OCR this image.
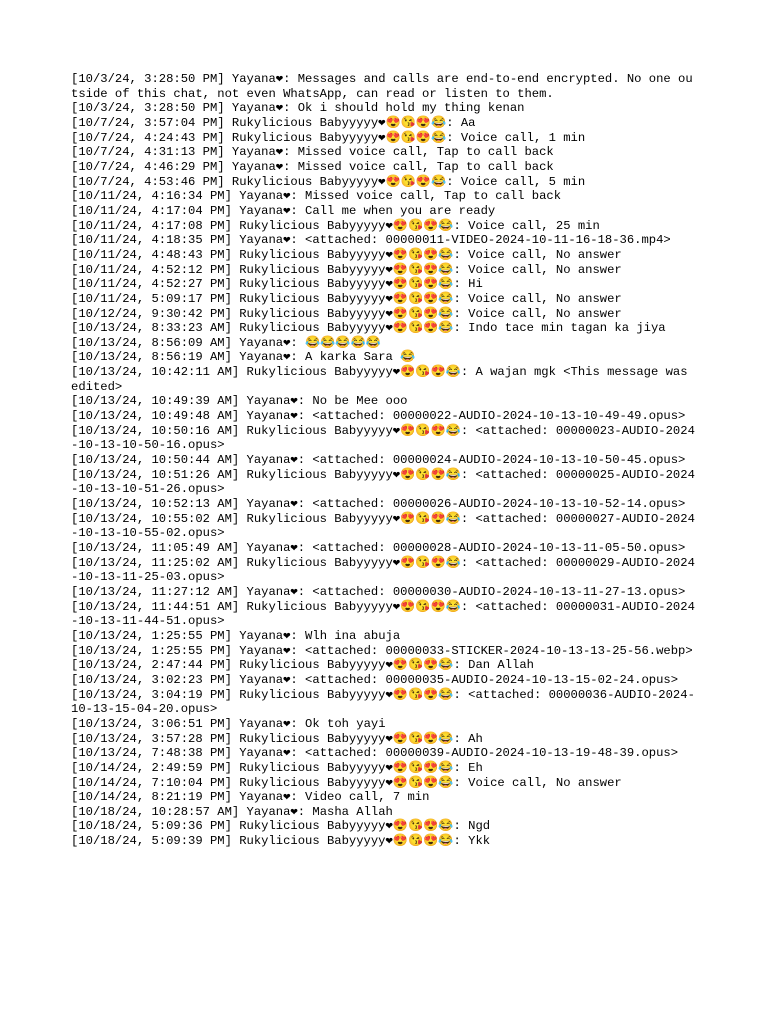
[10/3/24, 3:28:50 PM] Yayana❤: Messages and calls are end-to-end encrypted. No one outside of this chat, not even WhatsApp, can read or listen to them.
[10/3/24, 3:28:50 PM] Yayana❤: Ok i should hold my thing kenan
[10/7/24, 3:57:04 PM] Rukylicious Babyyyyy❤😍😘😍😂: Aa
[10/7/24, 4:24:43 PM] Rukylicious Babyyyyy❤😍😘😍😂: Voice call, 1 min
[10/7/24, 4:31:13 PM] Yayana❤: Missed voice call, Tap to call back
[10/7/24, 4:46:29 PM] Yayana❤: Missed voice call, Tap to call back
[10/7/24, 4:53:46 PM] Rukylicious Babyyyyy❤😍😘😍😂: Voice call, 5 min
[10/11/24, 4:16:34 PM] Yayana❤: Missed voice call, Tap to call back
[10/11/24, 4:17:04 PM] Yayana❤: Call me when you are ready
[10/11/24, 4:17:08 PM] Rukylicious Babyyyyy❤😍😘😍😂: Voice call, 25 min
[10/11/24, 4:18:35 PM] Yayana❤: <attached: 00000011-VIDEO-2024-10-11-16-18-36.mp4>
[10/11/24, 4:48:43 PM] Rukylicious Babyyyyy❤😍😘😍😂: Voice call, No answer
[10/11/24, 4:52:12 PM] Rukylicious Babyyyyy❤😍😘😍😂: Voice call, No answer
[10/11/24, 4:52:27 PM] Rukylicious Babyyyyy❤😍😘😍😂: Hi
[10/11/24, 5:09:17 PM] Rukylicious Babyyyyy❤😍😘😍😂: Voice call, No answer
[10/12/24, 9:30:42 PM] Rukylicious Babyyyyy❤😍😘😍😂: Voice call, No answer
[10/13/24, 8:33:23 AM] Rukylicious Babyyyyy❤😍😘😍😂: Indo tace min tagan ka jiya
[10/13/24, 8:56:09 AM] Yayana❤: 😂😂😂😂😂
[10/13/24, 8:56:19 AM] Yayana❤: A karka Sara 😂
[10/13/24, 10:42:11 AM] Rukylicious Babyyyyy❤😍😘😍😂: A wajan mgk <This message was edited>
[10/13/24, 10:49:39 AM] Yayana❤: No be Mee ooo
[10/13/24, 10:49:48 AM] Yayana❤: <attached: 00000022-AUDIO-2024-10-13-10-49-49.opus>
[10/13/24, 10:50:16 AM] Rukylicious Babyyyyy❤😍😘😍😂: <attached: 00000023-AUDIO-2024-10-13-10-50-16.opus>
[10/13/24, 10:50:44 AM] Yayana❤: <attached: 00000024-AUDIO-2024-10-13-10-50-45.opus>
[10/13/24, 10:51:26 AM] Rukylicious Babyyyyy❤😍😘😍😂: <attached: 00000025-AUDIO-2024-10-13-10-51-26.opus>
[10/13/24, 10:52:13 AM] Yayana❤: <attached: 00000026-AUDIO-2024-10-13-10-52-14.opus>
[10/13/24, 10:55:02 AM] Rukylicious Babyyyyy❤😍😘😍😂: <attached: 00000027-AUDIO-2024-10-13-10-55-02.opus>
[10/13/24, 11:05:49 AM] Yayana❤: <attached: 00000028-AUDIO-2024-10-13-11-05-50.opus>
[10/13/24, 11:25:02 AM] Rukylicious Babyyyyy❤😍😘😍😂: <attached: 00000029-AUDIO-2024-10-13-11-25-03.opus>
[10/13/24, 11:27:12 AM] Yayana❤: <attached: 00000030-AUDIO-2024-10-13-11-27-13.opus>
[10/13/24, 11:44:51 AM] Rukylicious Babyyyyy❤😍😘😍😂: <attached: 00000031-AUDIO-2024-10-13-11-44-51.opus>
[10/13/24, 1:25:55 PM] Yayana❤: Wlh ina abuja
[10/13/24, 1:25:55 PM] Yayana❤: <attached: 00000033-STICKER-2024-10-13-13-25-56.webp>
[10/13/24, 2:47:44 PM] Rukylicious Babyyyyy❤😍😘😍😂: Dan Allah
[10/13/24, 3:02:23 PM] Yayana❤: <attached: 00000035-AUDIO-2024-10-13-15-02-24.opus>
[10/13/24, 3:04:19 PM] Rukylicious Babyyyyy❤😍😘😍😂: <attached: 00000036-AUDIO-2024-10-13-15-04-20.opus>
[10/13/24, 3:06:51 PM] Yayana❤: Ok toh yayi
[10/13/24, 3:57:28 PM] Rukylicious Babyyyyy❤😍😘😍😂: Ah
[10/13/24, 7:48:38 PM] Yayana❤: <attached: 00000039-AUDIO-2024-10-13-19-48-39.opus>
[10/14/24, 2:49:59 PM] Rukylicious Babyyyyy❤😍😘😍😂: Eh
[10/14/24, 7:10:04 PM] Rukylicious Babyyyyy❤😍😘😍😂: Voice call, No answer
[10/14/24, 8:21:19 PM] Yayana❤: Video call, 7 min
[10/18/24, 10:28:57 AM] Yayana❤: Masha Allah
[10/18/24, 5:09:36 PM] Rukylicious Babyyyyy❤😍😘😍😂: Ngd
[10/18/24, 5:09:39 PM] Rukylicious Babyyyyy❤😍😘😍😂: Ykk
